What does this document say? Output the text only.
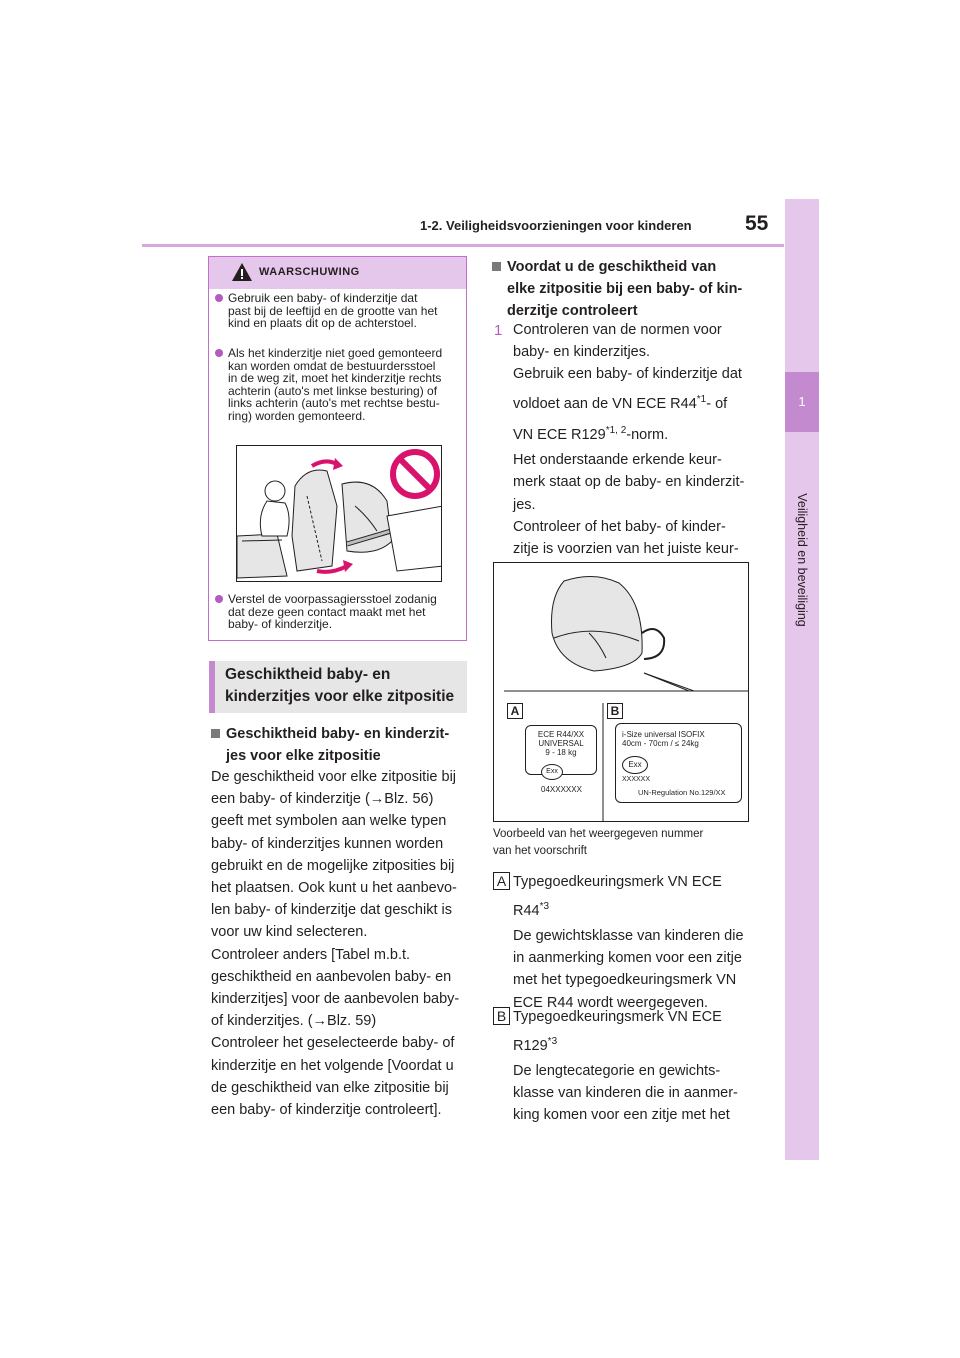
1-2. Veiligheidsvoorzieningen voor kinderen	55
1
Veiligheid en beveiliging
WAARSCHUWING
Gebruik een baby- of kinderzitje dat
past bij de leeftijd en de grootte van het
kind en plaats dit op de achterstoel.
Als het kinderzitje niet goed gemonteerd
kan worden omdat de bestuurdersstoel
in de weg zit, moet het kinderzitje rechts
achterin (auto's met linkse besturing) of
links achterin (auto's met rechtse bestu-
ring) worden gemonteerd.
Verstel de voorpassagiersstoel zodanig
dat deze geen contact maakt met het
baby- of kinderzitje.
Geschiktheid baby- en
kinderzitjes voor elke zitpositie
Geschiktheid baby- en kinderzit-
jes voor elke zitpositie
De geschiktheid voor elke zitpositie bij
een baby- of kinderzitje (→Blz. 56)
geeft met symbolen aan welke typen
baby- of kinderzitjes kunnen worden
gebruikt en de mogelijke zitposities bij
het plaatsen. Ook kunt u het aanbevo-
len baby- of kinderzitje dat geschikt is
voor uw kind selecteren.
Controleer anders [Tabel m.b.t.
geschiktheid en aanbevolen baby- en
kinderzitjes] voor de aanbevolen baby-
of kinderzitjes. (→Blz. 59)
Controleer het geselecteerde baby- of
kinderzitje en het volgende [Voordat u
de geschiktheid van elke zitpositie bij
een baby- of kinderzitje controleert].
Voordat u de geschiktheid van
elke zitpositie bij een baby- of kin-
derzitje controleert
1 Controleren van de normen voor
baby- en kinderzitjes.
Gebruik een baby- of kinderzitje dat
voldoet aan de VN ECE R44$^{*1}$- of
VN ECE R129$^{*1, 2}$-norm.
Het onderstaande erkende keur-
merk staat op de baby- en kinderzit-
jes.
Controleer of het baby- of kinder-
zitje is voorzien van het juiste keur-
A	B
ECE R44/XX
UNIVERSAL
9 - 18 kg
Exx
04XXXXXX
i-Size universal ISOFIX
40cm - 70cm / ≤ 24kg
Exx
XXXXXX
UN-Regulation No.129/XX
Voorbeeld van het weergegeven nummer
van het voorschrift
A Typegoedkeuringsmerk VN ECE
R44$^{*3}$
De gewichtsklasse van kinderen die
in aanmerking komen voor een zitje
met het typegoedkeuringsmerk VN
ECE R44 wordt weergegeven.
B Typegoedkeuringsmerk VN ECE
R129$^{*3}$
De lengtecategorie en gewichts-
klasse van kinderen die in aanmer-
king komen voor een zitje met het
